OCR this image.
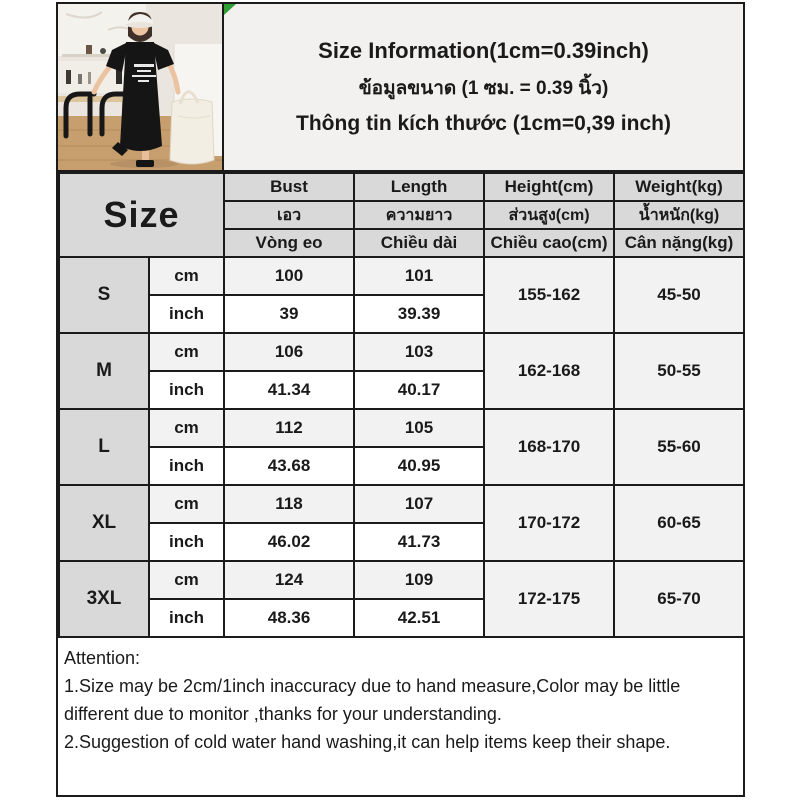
Size Information(1cm=0.39inch)
ข้อมูลขนาด (1 ซม. = 0.39 นิ้ว)
Thông tin kích thước (1cm=0,39 inch)
Size		Bust	Length	Height(cm)	Weight(kg)
		เอว	ความยาว	ส่วนสูง(cm)	น้ำหนัก(kg)
		Vòng eo	Chiều dài	Chiều cao(cm)	Cân nặng(kg)
S	cm	100	101	155-162	45-50
	inch	39	39.39		
M	cm	106	103	162-168	50-55
	inch	41.34	40.17		
L	cm	112	105	168-170	55-60
	inch	43.68	40.95		
XL	cm	118	107	170-172	60-65
	inch	46.02	41.73		
3XL	cm	124	109	172-175	65-70
	inch	48.36	42.51		
Attention:
1.Size may be 2cm/1inch inaccuracy due to hand measure,Color may be little different due to monitor ,thanks for your understanding.
2.Suggestion of cold water hand washing,it can help items keep their shape.
